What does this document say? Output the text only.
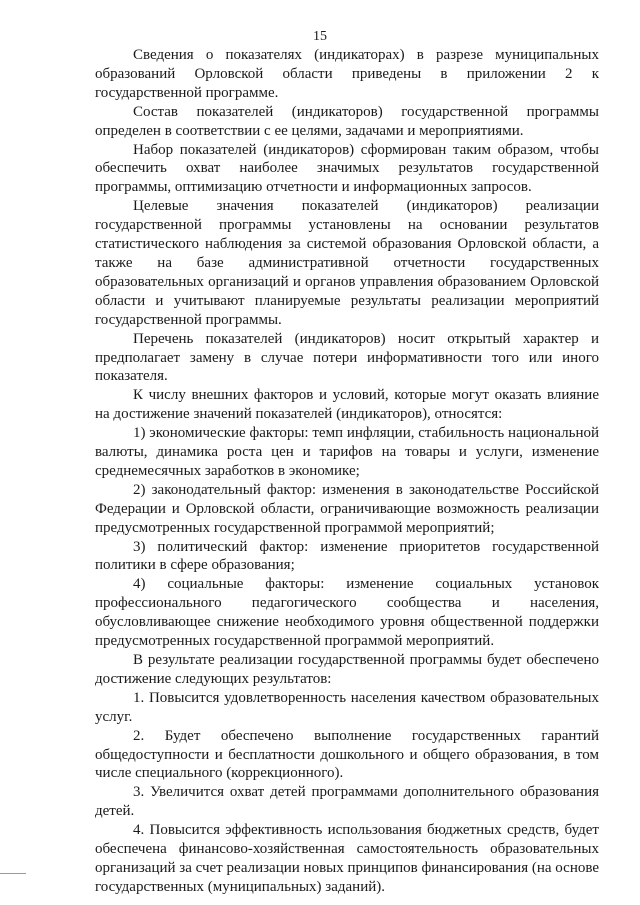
15

Сведения о показателях (индикаторах) в разрезе муниципальных образований Орловской области приведены в приложении 2 к государственной программе.

Состав показателей (индикаторов) государственной программы определен в соответствии с ее целями, задачами и мероприятиями.

Набор показателей (индикаторов) сформирован таким образом, чтобы обеспечить охват наиболее значимых результатов государственной программы, оптимизацию отчетности и информационных запросов.

Целевые значения показателей (индикаторов) реализации государственной программы установлены на основании результатов статистического наблюдения за системой образования Орловской области, а также на базе административной отчетности государственных образовательных организаций и органов управления образованием Орловской области и учитывают планируемые результаты реализации мероприятий государственной программы.

Перечень показателей (индикаторов) носит открытый характер и предполагает замену в случае потери информативности того или иного показателя.

К числу внешних факторов и условий, которые могут оказать влияние на достижение значений показателей (индикаторов), относятся:

1) экономические факторы: темп инфляции, стабильность национальной валюты, динамика роста цен и тарифов на товары и услуги, изменение среднемесячных заработков в экономике;

2) законодательный фактор: изменения в законодательстве Российской Федерации и Орловской области, ограничивающие возможность реализации предусмотренных государственной программой мероприятий;

3) политический фактор: изменение приоритетов государственной политики в сфере образования;

4) социальные факторы: изменение социальных установок профессионального педагогического сообщества и населения, обусловливающее снижение необходимого уровня общественной поддержки предусмотренных государственной программой мероприятий.

В результате реализации государственной программы будет обеспечено достижение следующих результатов:

1. Повысится удовлетворенность населения качеством образовательных услуг.

2. Будет обеспечено выполнение государственных гарантий общедоступности и бесплатности дошкольного и общего образования, в том числе специального (коррекционного).

3. Увеличится охват детей программами дополнительного образования детей.

4. Повысится эффективность использования бюджетных средств, будет обеспечена финансово-хозяйственная самостоятельность образовательных организаций за счет реализации новых принципов финансирования (на основе государственных (муниципальных) заданий).
